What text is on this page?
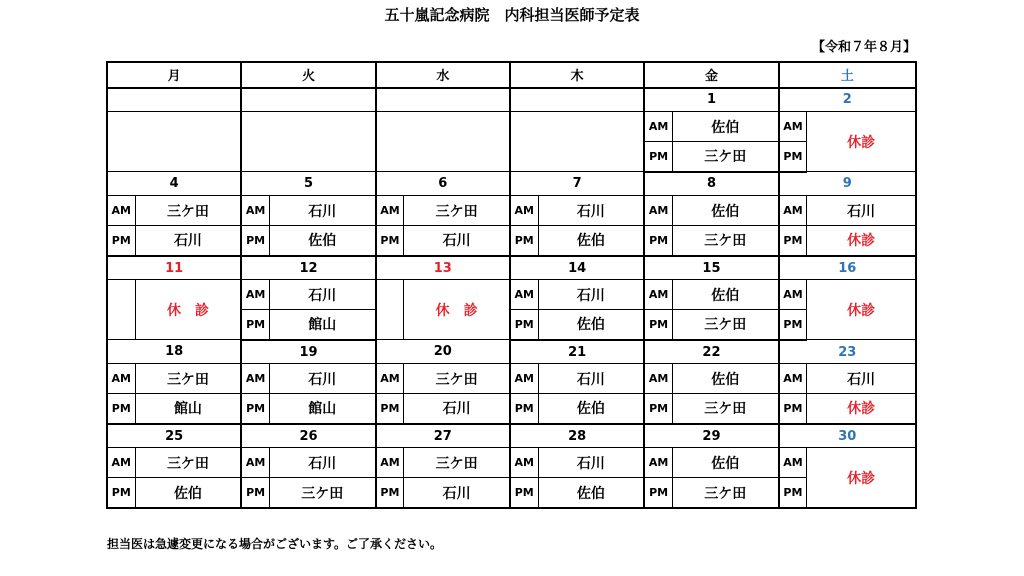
五十嵐記念病院　内科担当医師予定表
【令和７年８月】
月		火		水		木		金		土	
								1		2	
								AM	佐伯	AM	休診
								PM	三ケ田	PM	
4		5		6		7		8		9	
AM	三ケ田	AM	石川	AM	三ケ田	AM	石川	AM	佐伯	AM	石川
PM	石川	PM	佐伯	PM	石川	PM	佐伯	PM	三ケ田	PM	休診
11		12		13		14		15		16	
	休　診	AM	石川		休　診	AM	石川	AM	佐伯	AM	休診
		PM	館山			PM	佐伯	PM	三ケ田	PM	
18		19		20		21		22		23	
AM	三ケ田	AM	石川	AM	三ケ田	AM	石川	AM	佐伯	AM	石川
PM	館山	PM	館山	PM	石川	PM	佐伯	PM	三ケ田	PM	休診
25		26		27		28		29		30	
AM	三ケ田	AM	石川	AM	三ケ田	AM	石川	AM	佐伯	AM	休診
PM	佐伯	PM	三ケ田	PM	石川	PM	佐伯	PM	三ケ田	PM	
担当医は急遽変更になる場合がございます。ご了承ください。
